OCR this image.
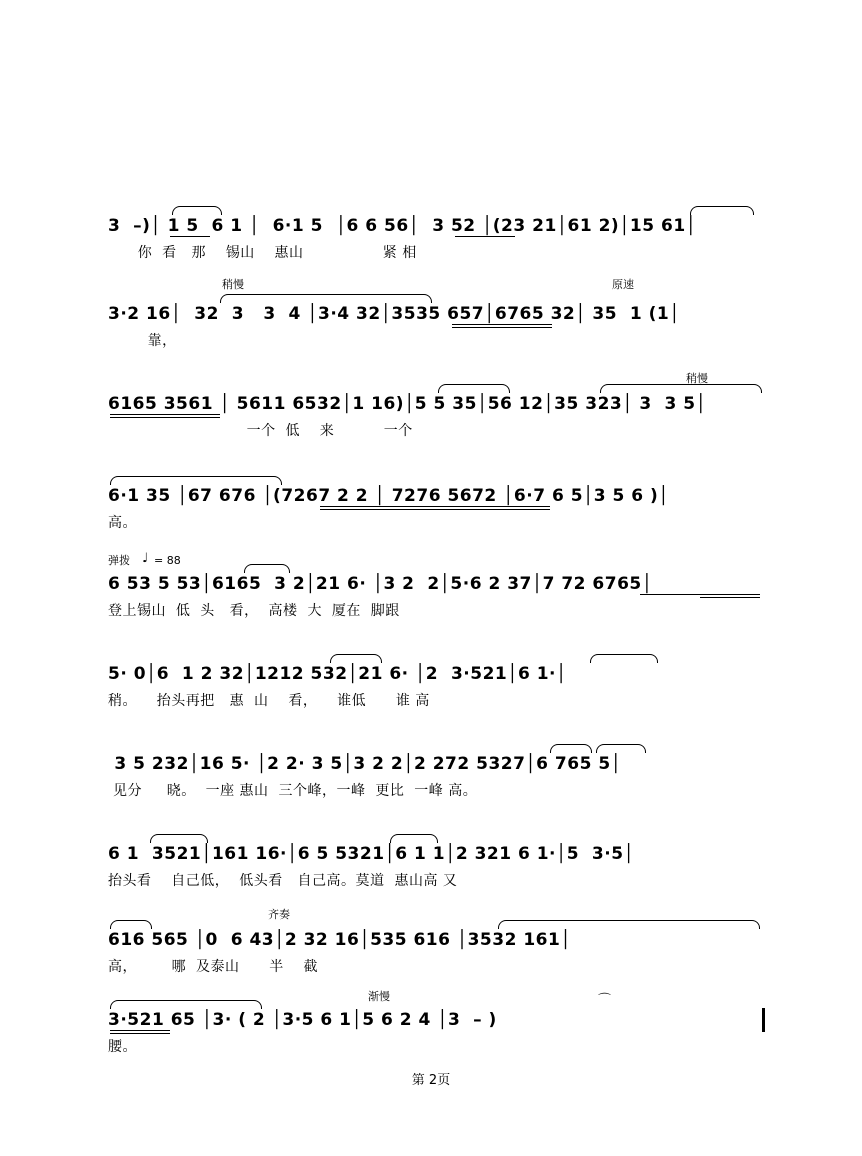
3  –)│ 1 5  6 1 │  6·1 5  │6 6 56│  3 52 │(23 21│61 2)│15 61│
你  看   那    锡山    惠山                紧 相
稍慢	原速
3·2 16│  32  3   3  4 │3·4 32│3535 657│6765 32│ 35  1 (1│
靠，
稍慢
6165 3561 │ 5611 6532│1 16)│5 5 35│56 12│35 323│ 3  3 5│
一个  低    来          一个
6·1 35 │67 676 │(7267 2 2 │ 7276 5672 │6·7 6 5│3 5 6 )│
高。
弹拨 ♩ = 88
6 53 5 53│6165  3 2│21 6· │3 2  2│5·6 2 37│7 72 6765│
登上锡山  低  头   看，  高楼  大  厦在  脚跟
5· 0│6  1 2 32│1212 532│21 6· │2  3·521│6 1·│
稍。    抬头再把   惠  山    看，    谁低      谁 高
3 5 232│16 5· │2 2· 3 5│3 2 2│2 272 5327│6 765 5│
见分     晓。  一座 惠山  三个峰，一峰  更比  一峰 高。
6 1  3521│161 16·│6 5 5321│6 1 1│2 321 6 1·│5  3·5│
抬头看    自己低，  低头看   自己高。莫道  惠山高 又
齐奏
616 565 │0  6 43│2 32 16│535 616 │3532 161│
高，       哪  及泰山      半    截
渐慢
3·521 65 │3· ( 2 │3·5 6 1│5 6 2 4 │3  – )
腰。
⌒
第 2页
